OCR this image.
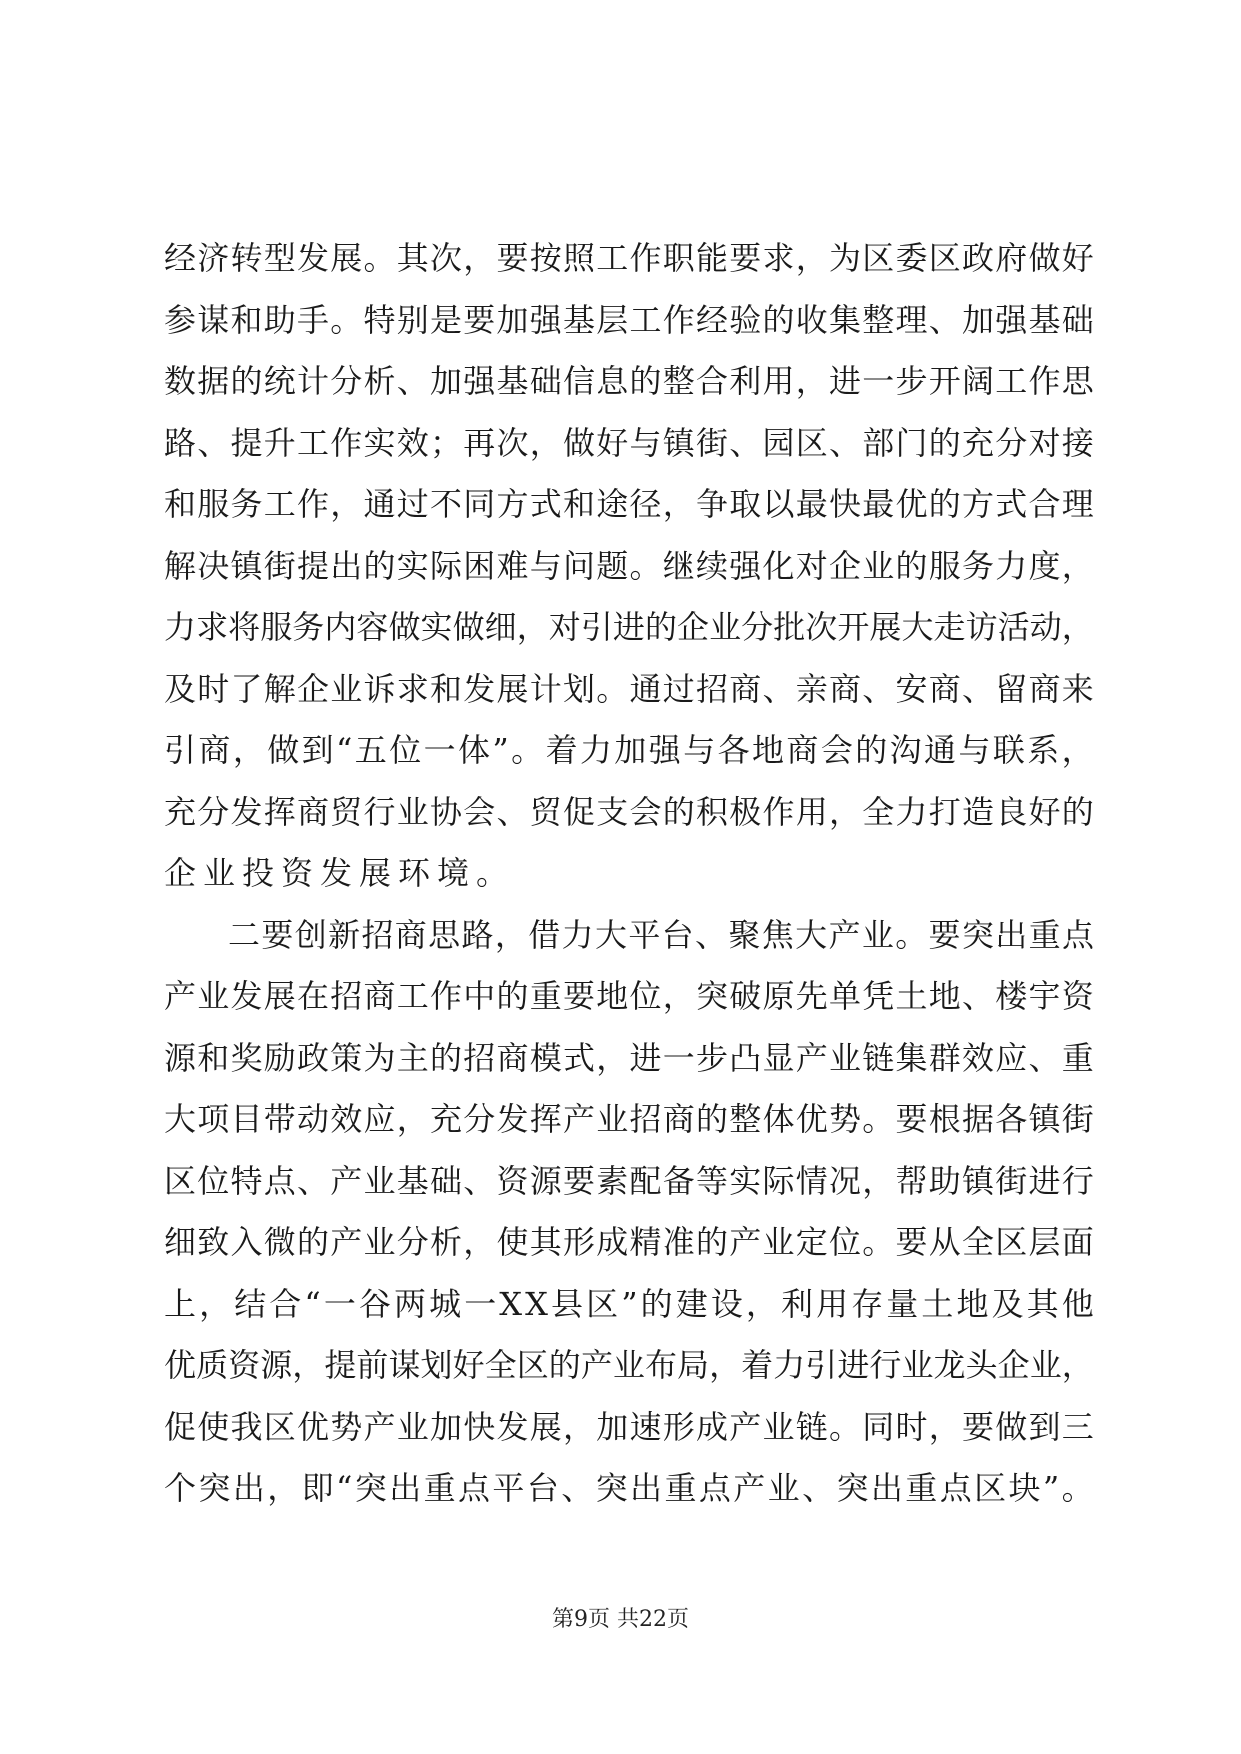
经 济 转 型 发 展 。 其 次 ， 要 按 照 工 作 职 能 要 求 ， 为 区 委 区 政 府 做 好
参 谋 和 助 手 。 特 别 是 要 加 强 基 层 工 作 经 验 的 收 集 整 理 、 加 强 基 础
数 据 的 统 计 分 析 、 加 强 基 础 信 息 的 整 合 利 用 ， 进 一 步 开 阔 工 作 思
路 、 提 升 工 作 实 效 ； 再 次 ， 做 好 与 镇 街 、 园 区 、 部 门 的 充 分 对 接
和 服 务 工 作 ， 通 过 不 同 方 式 和 途 径 ， 争 取 以 最 快 最 优 的 方 式 合 理
解 决 镇 街 提 出 的 实 际 困 难 与 问 题 。 继 续 强 化 对 企 业 的 服 务 力 度 ，
力 求 将 服 务 内 容 做 实 做 细 ， 对 引 进 的 企 业 分 批 次 开 展 大 走 访 活 动 ，
及 时 了 解 企 业 诉 求 和 发 展 计 划 。 通 过 招 商 、 亲 商 、 安 商 、 留 商 来
引 商 ， 做 到 “ 五 位 一 体 ” 。 着 力 加 强 与 各 地 商 会 的 沟 通 与 联 系 ，
充 分 发 挥 商 贸 行 业 协 会 、 贸 促 支 会 的 积 极 作 用 ， 全 力 打 造 良 好 的
企业投资发展环境。
二 要 创 新 招 商 思 路 ， 借 力 大 平 台 、 聚 焦 大 产 业 。 要 突 出 重 点
产 业 发 展 在 招 商 工 作 中 的 重 要 地 位 ， 突 破 原 先 单 凭 土 地 、 楼 宇 资
源 和 奖 励 政 策 为 主 的 招 商 模 式 ， 进 一 步 凸 显 产 业 链 集 群 效 应 、 重
大 项 目 带 动 效 应 ， 充 分 发 挥 产 业 招 商 的 整 体 优 势 。 要 根 据 各 镇 街
区 位 特 点 、 产 业 基 础 、 资 源 要 素 配 备 等 实 际 情 况 ， 帮 助 镇 街 进 行
细 致 入 微 的 产 业 分 析 ， 使 其 形 成 精 准 的 产 业 定 位 。 要 从 全 区 层 面
上 ， 结 合 “ 一 谷 两 城 一 X X 县 区 ” 的 建 设 ， 利 用 存 量 土 地 及 其 他
优 质 资 源 ， 提 前 谋 划 好 全 区 的 产 业 布 局 ， 着 力 引 进 行 业 龙 头 企 业 ，
促 使 我 区 优 势 产 业 加 快 发 展 ， 加 速 形 成 产 业 链 。 同 时 ， 要 做 到 三
个 突 出 ， 即 “ 突 出 重 点 平 台 、 突 出 重 点 产 业 、 突 出 重 点 区 块 ” 。
第9页 共22页
